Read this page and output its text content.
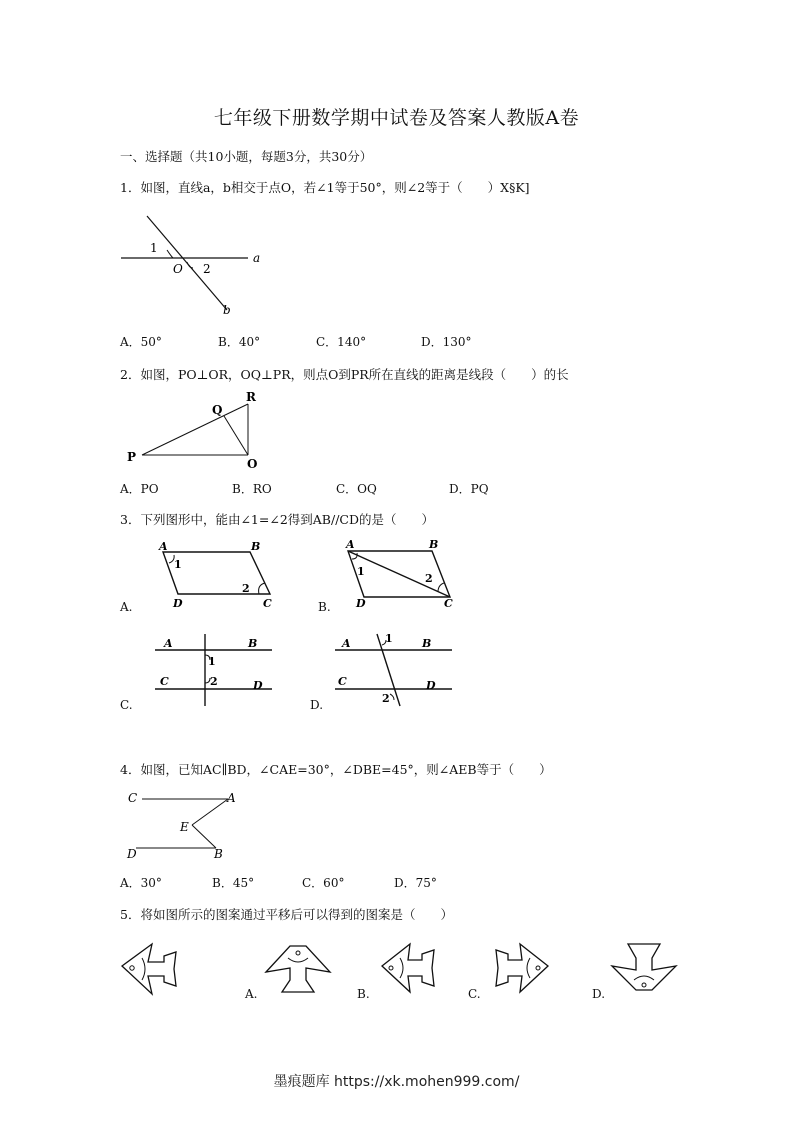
七年级下册数学期中试卷及答案人教版A卷
一、选择题（共10小题，每题3分，共30分）
1．如图，直线a，b相交于点O，若∠1等于50°，则∠2等于（　　）X§K]
a
b
O
1
2
A．50°	B．40°	C．140°	D．130°
2．如图，PO⊥OR，OQ⊥PR，则点O到PR所在直线的距离是线段（　　）的长
P
Q
R
O
A．PO	B．RO	C．OQ	D．PQ
3．下列图形中，能由∠1=∠2得到AB//CD的是（　　）
A.
A	B
C
D
1
2
B.
A	B
C
D
1
2
C.
A	B
C	D
1
2
D.
A	B
C	D
1
2
4．如图，已知AC∥BD，∠CAE=30°，∠DBE=45°，则∠AEB等于（　　）
C	A
E
D	B
A．30°	B．45°	C．60°	D．75°
5．将如图所示的图案通过平移后可以得到的图案是（　　）
A.	B.	C.	D.
墨痕题库 https://xk.mohen999.com/
